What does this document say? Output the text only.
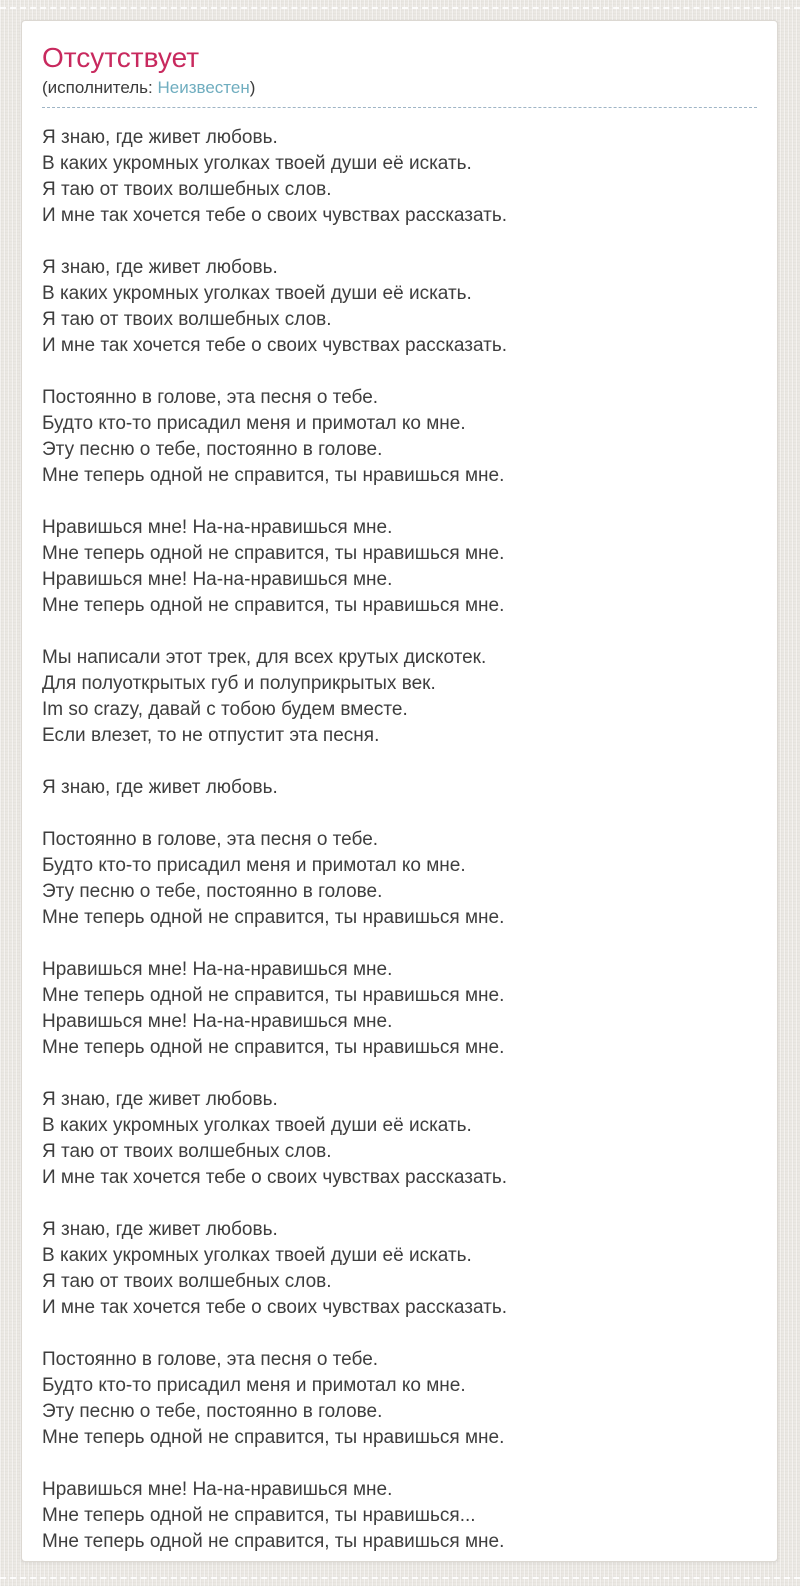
Отсутствует

(исполнитель: Неизвестен)

Я знаю, где живет любовь.
В каких укромных уголках твоей души её искать.
Я таю от твоих волшебных слов.
И мне так хочется тебе о своих чувствах рассказать.

Я знаю, где живет любовь.
В каких укромных уголках твоей души её искать.
Я таю от твоих волшебных слов.
И мне так хочется тебе о своих чувствах рассказать.

Постоянно в голове, эта песня о тебе.
Будто кто-то присадил меня и примотал ко мне.
Эту песню о тебе, постоянно в голове.
Мне теперь одной не справится, ты нравишься мне.

Нравишься мне! На-на-нравишься мне.
Мне теперь одной не справится, ты нравишься мне.
Нравишься мне! На-на-нравишься мне.
Мне теперь одной не справится, ты нравишься мне.

Мы написали этот трек, для всех крутых дискотек.
Для полуоткрытых губ и полуприкрытых век.
Im so crazy, давай с тобою будем вместе.
Если влезет, то не отпустит эта песня.

Я знаю, где живет любовь.

Постоянно в голове, эта песня о тебе.
Будто кто-то присадил меня и примотал ко мне.
Эту песню о тебе, постоянно в голове.
Мне теперь одной не справится, ты нравишься мне.

Нравишься мне! На-на-нравишься мне.
Мне теперь одной не справится, ты нравишься мне.
Нравишься мне! На-на-нравишься мне.
Мне теперь одной не справится, ты нравишься мне.

Я знаю, где живет любовь.
В каких укромных уголках твоей души её искать.
Я таю от твоих волшебных слов.
И мне так хочется тебе о своих чувствах рассказать.

Я знаю, где живет любовь.
В каких укромных уголках твоей души её искать.
Я таю от твоих волшебных слов.
И мне так хочется тебе о своих чувствах рассказать.

Постоянно в голове, эта песня о тебе.
Будто кто-то присадил меня и примотал ко мне.
Эту песню о тебе, постоянно в голове.
Мне теперь одной не справится, ты нравишься мне.

Нравишься мне! На-на-нравишься мне.
Мне теперь одной не справится, ты нравишься...
Мне теперь одной не справится, ты нравишься мне.
